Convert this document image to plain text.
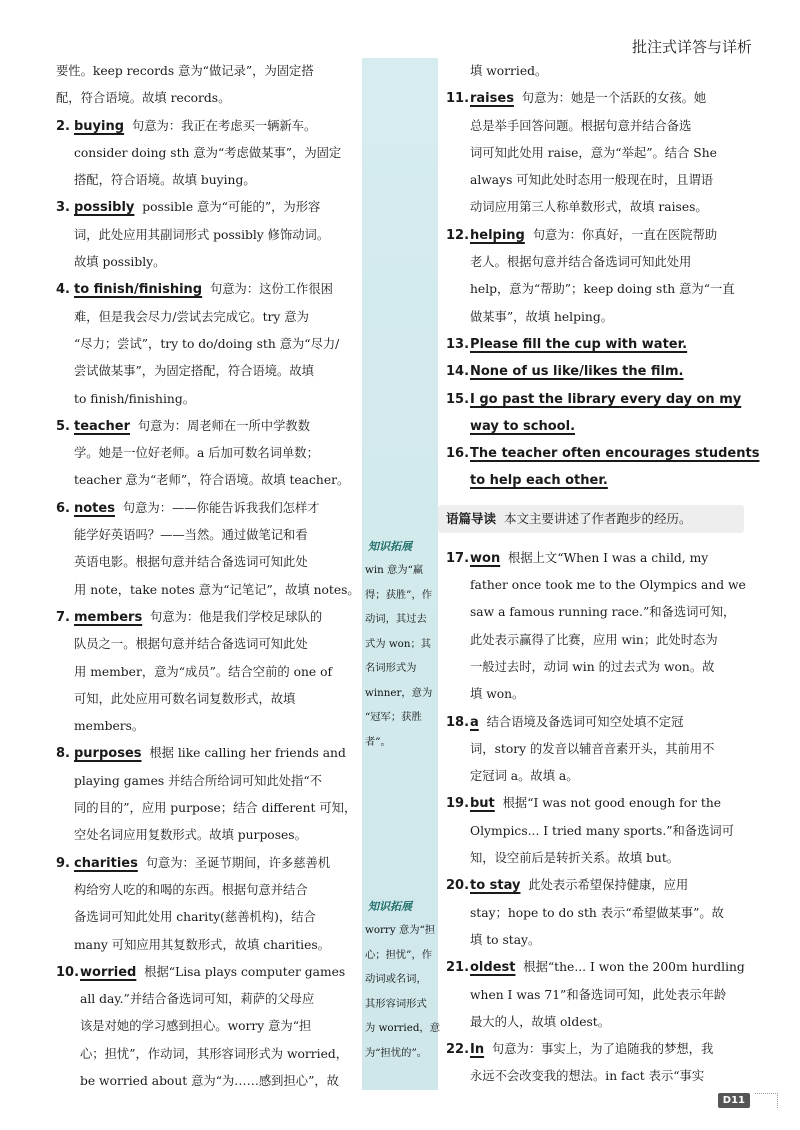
批注式详答与详析
要性。keep records 意为“做记录”，为固定搭
配，符合语境。故填 records。
2. buying 句意为：我正在考虑买一辆新车。
consider doing sth 意为“考虑做某事”，为固定
搭配，符合语境。故填 buying。
3. possibly possible 意为“可能的”，为形容
词，此处应用其副词形式 possibly 修饰动词。
故填 possibly。
4. to finish/finishing 句意为：这份工作很困
难，但是我会尽力/尝试去完成它。try 意为
“尽力；尝试”，try to do/doing sth 意为“尽力/
尝试做某事”，为固定搭配，符合语境。故填
to finish/finishing。
5. teacher 句意为：周老师在一所中学教数
学。她是一位好老师。a 后加可数名词单数；
teacher 意为“老师”，符合语境。故填 teacher。
6. notes 句意为：——你能告诉我我们怎样才
能学好英语吗？——当然。通过做笔记和看
英语电影。根据句意并结合备选词可知此处
用 note，take notes 意为“记笔记”，故填 notes。
7. members 句意为：他是我们学校足球队的
队员之一。根据句意并结合备选词可知此处
用 member，意为“成员”。结合空前的 one of
可知，此处应用可数名词复数形式，故填
members。
8. purposes 根据 like calling her friends and
playing games 并结合所给词可知此处指“不
同的目的”，应用 purpose；结合 different 可知，
空处名词应用复数形式。故填 purposes。
9. charities 句意为：圣诞节期间，许多慈善机
构给穷人吃的和喝的东西。根据句意并结合
备选词可知此处用 charity(慈善机构)，结合
many 可知应用其复数形式，故填 charities。
10.worried 根据“Lisa plays computer games
all day.”并结合备选词可知，莉萨的父母应
该是对她的学习感到担心。worry 意为“担
心；担忧”，作动词，其形容词形式为 worried，
be worried about 意为“为……感到担心”，故
知识拓展
win 意为“赢
得；获胜”，作
动词，其过去
式为 won；其
名词形式为
winner，意为
“冠军；获胜
者”。
知识拓展
worry 意为“担
心；担忧”，作
动词或名词，
其形容词形式
为 worried，意
为“担忧的”。
填 worried。
11.raises 句意为：她是一个活跃的女孩。她
总是举手回答问题。根据句意并结合备选
词可知此处用 raise，意为“举起”。结合 She
always 可知此处时态用一般现在时，且谓语
动词应用第三人称单数形式，故填 raises。
12.helping 句意为：你真好，一直在医院帮助
老人。根据句意并结合备选词可知此处用
help，意为“帮助”；keep doing sth 意为“一直
做某事”，故填 helping。
13.Please fill the cup with water.
14.None of us like/likes the film.
15.I go past the library every day on my
way to school.
16.The teacher often encourages students
to help each other.
语篇导读 本文主要讲述了作者跑步的经历。
17.won 根据上文“When I was a child, my
father once took me to the Olympics and we
saw a famous running race.”和备选词可知，
此处表示赢得了比赛，应用 win；此处时态为
一般过去时，动词 win 的过去式为 won。故
填 won。
18.a 结合语境及备选词可知空处填不定冠
词，story 的发音以辅音音素开头，其前用不
定冠词 a。故填 a。
19.but 根据“I was not good enough for the
Olympics... I tried many sports.”和备选词可
知，设空前后是转折关系。故填 but。
20.to stay 此处表示希望保持健康，应用
stay；hope to do sth 表示“希望做某事”。故
填 to stay。
21.oldest 根据“the... I won the 200m hurdling
when I was 71”和备选词可知，此处表示年龄
最大的人，故填 oldest。
22.In 句意为：事实上，为了追随我的梦想，我
永远不会改变我的想法。in fact 表示“事实
D11
